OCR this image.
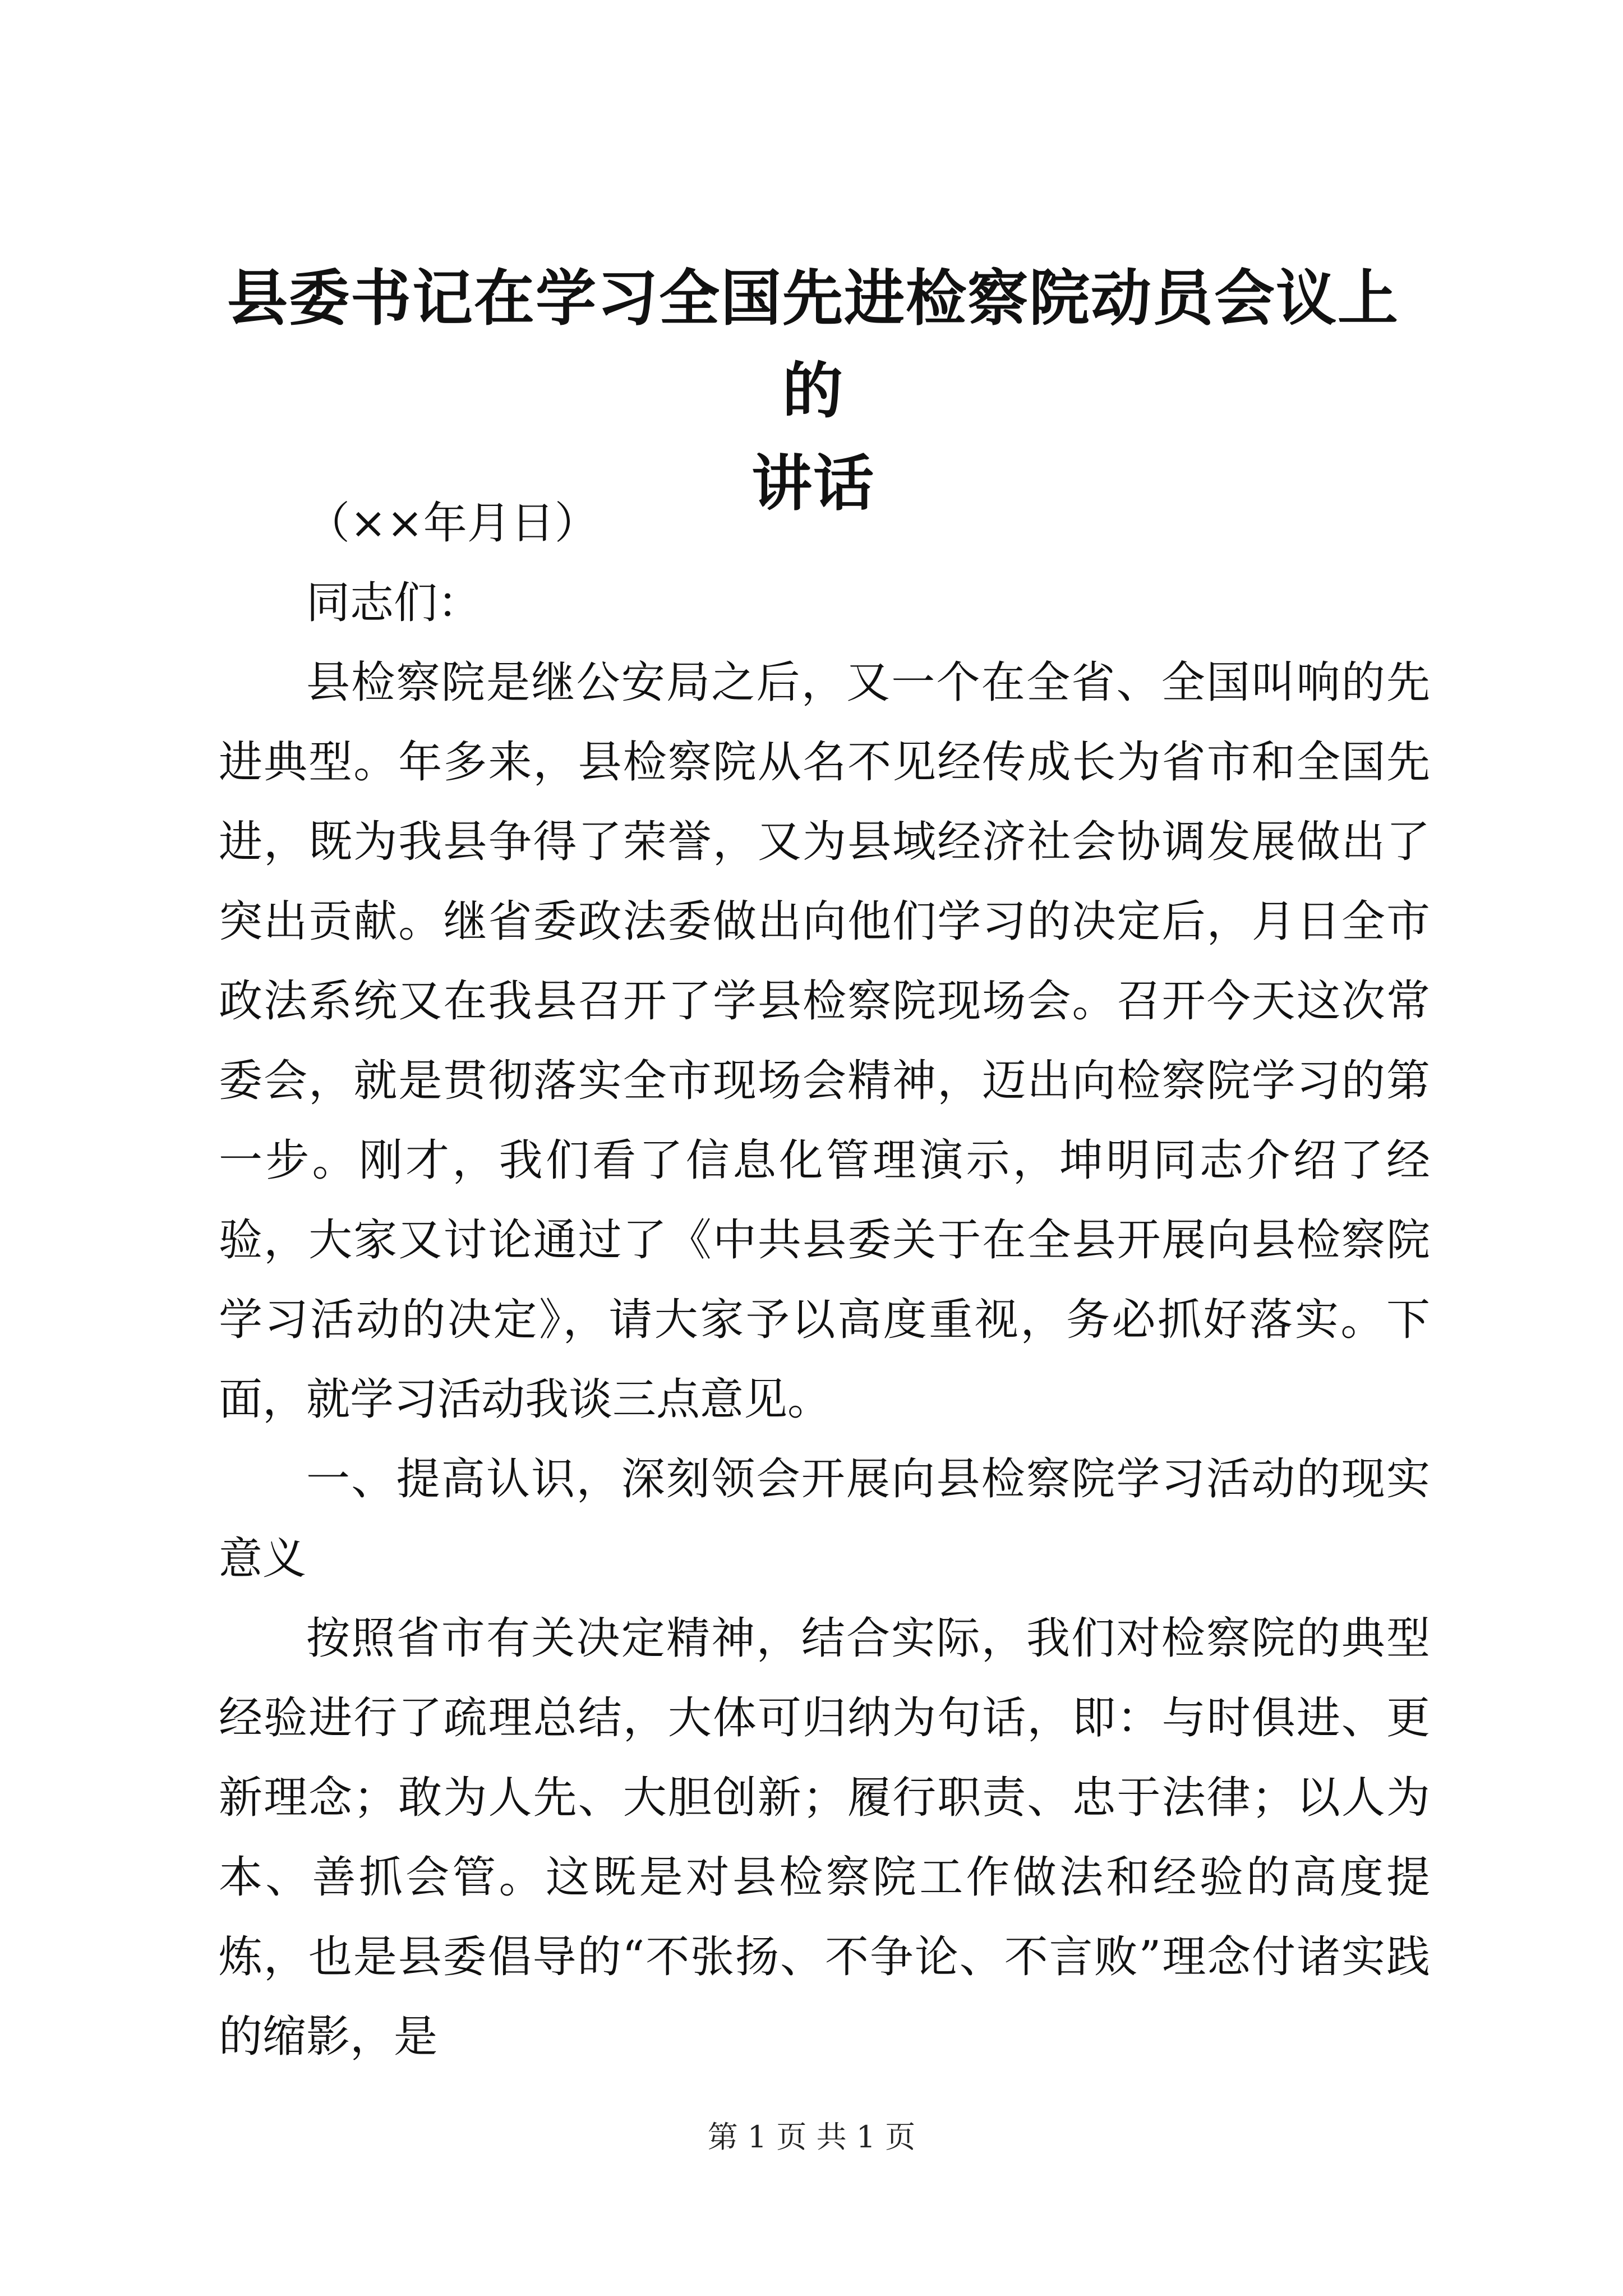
县委书记在学习全国先进检察院动员会议上的
讲话

（××年月日）

同志们：

县检察院是继公安局之后，又一个在全省、全国叫响的先进典型。年多来，县检察院从名不见经传成长为省市和全国先进，既为我县争得了荣誉，又为县域经济社会协调发展做出了突出贡献。继省委政法委做出向他们学习的决定后，月日全市政法系统又在我县召开了学县检察院现场会。召开今天这次常委会，就是贯彻落实全市现场会精神，迈出向检察院学习的第一步。刚才，我们看了信息化管理演示，坤明同志介绍了经验，大家又讨论通过了《中共县委关于在全县开展向县检察院学习活动的决定》，请大家予以高度重视，务必抓好落实。下面，就学习活动我谈三点意见。

一、提高认识，深刻领会开展向县检察院学习活动的现实意义

按照省市有关决定精神，结合实际，我们对检察院的典型经验进行了疏理总结，大体可归纳为句话，即：与时俱进、更新理念；敢为人先、大胆创新；履行职责、忠于法律；以人为本、善抓会管。这既是对县检察院工作做法和经验的高度提炼，也是县委倡导的“不张扬、不争论、不言败”理念付诸实践的缩影，是

第 1 页 共 1 页
